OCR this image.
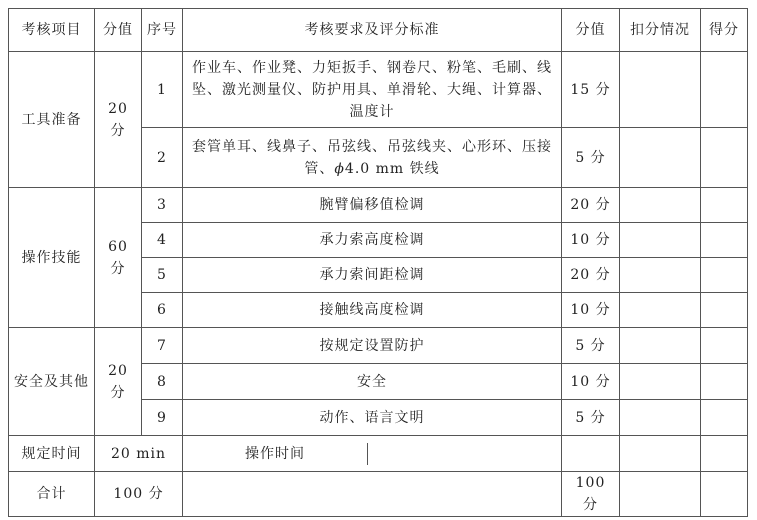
考核项目	分值	序号	考核要求及评分标准	分值	扣分情况	得分
工具准备	20 分	1	作业车、作业凳、力矩扳手、钢卷尺、粉笔、毛刷、线坠、激光测量仪、防护用具、单滑轮、大绳、计算器、温度计	15 分		
		2	套管单耳、线鼻子、吊弦线、吊弦线夹、心形环、压接管、ϕ4.0 mm 铁线	5 分		
操作技能	60 分	3	腕臂偏移值检调	20 分		
		4	承力索高度检调	10 分		
		5	承力索间距检调	20 分		
		6	接触线高度检调	10 分		
安全及其他	20 分	7	按规定设置防护	5 分		
		8	安全	10 分		
		9	动作、语言文明	5 分		
规定时间	20 min		操作时间			

合计	100 分			100 分		
